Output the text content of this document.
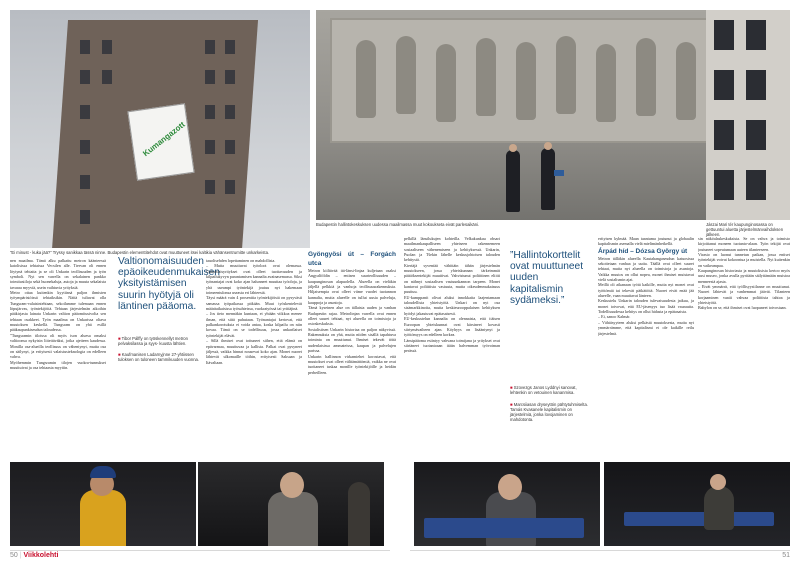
Kumangazott
”Ei minust - kuka jää?” Tryssy sanikkaa tässä ninne. Budapestin elementtitehdot ovat muuttuneet itsei kaltikia vähänsentrumitte unkarkeista.
nen maailma. Tämä alku palkattu metron käänteessä katolisissa tehtaissa Vecstlen alle. Tiervan oli ennen löytynä tehtaita ja se oli Unkarin teollisuuden ja työn symboli. Nyt sen varrella on sekalainen pankko toimitustiloja sekä huonekaluja, autoja ja muuta sekalaista tavaraa myyviä, usein vaihtuvia yrityksiä.
Metro ottaa kuitenkin kyytiinsä paljon ihmisten työympäristöissä tehtaiksikin. Näitä tuliavat olla Tungsram-valaisintehtaan, sekoilamme tulemaan ennen löpujärvas, työntekijöitä. Tehtaan järjestelmän aikoihin pääkirjasta lainata Unkarin valtion pääomitusivolta sen tehtaan osakkeet. Työn maailma on Unkarissa oltava muutoksen keskellä. Tungsram on yhä esillä pääkaupunkiseudun taloudessa.
”Tungsramin tiloissa oli myös ison aluesa omaksi valtioonsa nykyisin liitettäväksi, jotka ajetteen kaudessa. Monilla osa-alueilla teollisuus on vähentynyt, mutta osa on säilynyt, ja erityisesti valaistusteknologia on edelleen vahva.
Myöhemmin Tungsramin tilojen vuokra-tunnukset muuttuivat ja osa tehtaasta myytiin.
Valtionomaisuuden epäoikeudenmukaisen yksityistämisen suurin hyötyjä oli läntinen pääoma.
■ Tibor Pálffy on työskennellyt metron pelvaksilassa ja syys- kuusta lähtien.
■ Kaufmanisen Ladarnyjnne 27-yhtiissen tuloksen on tuloneen tammikuuden vuonna.
tauolisehden lopettaminen on mahdollista.
– Mutta muuttuvat työoloot ovat olemassa. Unkarilaisyritykset ovat olleet tuottavuuden ja kilpailukyvyn parantamisen kannalta avainasemassa. Siksi työnantajat ovat koko ajan halunneet muuttaa työoloja, ja yhä useampi työntekijä joutuu nyt hakemaan toimeentulonsa useasta eri lähteestä.
Täysi määrä vain 4 prosenttia työntekijöistä on pysyvästi samassa työpaikassa pitkään. Muut työskentelevät määräaikaisissa työsuhteissa, vuokratyössä tai yrittäjinä.
– Jos tieto mennäkin kuntaan, ei yhtään viikkoa menee ilman, että siitä puhutaan. Työnantajat kertovat, että palkankorotuksia ei voida antaa, koska kilpailu on niin kovaa. Tämä on se todellisuus, jossa unkarilaiset työntekijät elävät.
– Sillä ihmiset ovat tottuneet siihen, että elämä on epävarmaa, muuttuvaa ja kallista. Palkat ovat pysyneet jäljessä, vaikka hinnat nousevat koko ajan. Monet nuoret lähtevät ulkomaille töihin, erityisesti Saksaan ja Itävaltaan.
Gyöngyösi út – Forgách utca
Metron kiiltävää itä-länsi-linjaa kuljetaan osaksi Angyalföldin – entisen suurteollisuuden – kaupunginosan alapuolella. Alueella on vieläkin jäljellä pelkkiä ja vanhoja teollisuusrakennuksia. Hiljaisempia ovat olleet viime vuodet tuotannon kannalta, mutta alueelle on tullut uusia palveluja, kauppoja ja asuntoja.
Tämä kyseinen alue on tällaista uuden ja vanhan Budapestin rajaa. Metrolinjan varrella ovat ennen olleet suuret tehtaat, nyt alueella on toimistoja ja ostoskeskuksia.
Sosialistisen Unkarin historiaa on paljon näkyvissä. Rakennuksia on yhä, mutta niiden sisällä tapahtuva toiminta on muuttunut. Ihmiset tekevät töitä uudenlaisissa ammateissa, kaupan ja palvelujen parissa.
Unkarin hallinnon virkamiehet korostavat, että muutokset ovat olleet välttämättömiä, vaikka ne ovat tuottaneet tuskaa monille työntekijöille ja heidän perheilleen.
50 | Viikkolehti
Budapestin hallintokeskuksen uudessa maailmassa muut kokoukseta eivät parlesaikäni.	Jászai Mari tér kaupunginosassa on gettuuntui aluetta järjestelmänvaihdoksen jälkeen.
pelkillä länsilukujen kohteilla. Velkakunkau obsari maailmankaupalliseen yhteiseen rakennemeen sosiaaliseen vähenemiseen ja kehityksessä. Unkarin, Puolan ja Tšekin lähelle keskusjohtoisen talouden kehitystä.
Kiertäjä syventää vähittäin tähän järjestelmän muutokseen, jossa yhteiskunnan tärkeimmät päätöksentekijät muuttivat. Vahvistunut poliittinen eliitti on nähnyt sosiaalisen vastuunkannon tarpeen. Monet kantavat poliittista vastuuta, mutta oikeudenmukaisuus puuttuu.
EU-kumppanit olivat aluksi innokkaita laajentamaan taloudellista yhteistyötä. Unkari on nyt osa sisämarkkinoita, mutta keskieurooppalaisen kehityksen hyödyt jakautuvat epätasaisesti.
EU-keskustelun kannalta on olennaista, että itäisen Euroopan yhteiskunnat ovat kärsineet kovasti siirtymävaiheen ajan. Köyhyys on lisääntynyt ja työttömyys on edelleen korkea.
Länsipääoma esiintyy vahvana toimijana ja yritykset ovat siirtäneet tuotantoaan itään halvemman työvoiman perässä.
”Hallintokorttelit ovat muuttuneet uuden kapitalismin sydämeksi.”
■ Szovezgs Janos Lyddnyi sanovat, lehtenkin on vetouinen kananmisa.
■ Marcsiiasan dryseytöin pähtytuhmiselta. Tamás Kvasanele kapitalismin on järjestelmiä, jonka lovojaminen on mahdotonta.
erityisen kylmää. Maan taantuma joutunut ja globaalin kapitalismin asemalla vielä mielimänhetkellä.
Árpád híd – Dózsa György út
Metron tälläkin alueella Kautahangaseudun katuosissa sekoitetaan vanhaa ja uutta. Täällä ovat olleet suuret tehtaat, mutta nyt alueella on toimistoja ja asuntoja. Vaikka muutos on ollut nopea, monet ihmiset muistavat vielä sosialismin ajat.
Meillä oli aikanaan työtä kaikille, mutta nyt monet ovat työttömiä tai tekevät pätkätöitä. Nuoret eivät enää jää alueelle, vaan muuttavat länteen.
Keskustelu Unkarin talouden tulevaisuudesta jatkuu, ja monet toivovat, että EU-jäsenyys tuo lisää vaurautta. Todellisuudessa kehitys on ollut hidasta ja epätasaista.
– Ei, sanoo Kalmár.
– Vähäisyyteen aluksi pelkästä muutoksesta, mutta nyt ymmärrämme, että kapitalismi ei ole kaikille reilu järjestelmä.
sin näköalaskeskuksista. Se on vahva ja toimisto kirjoittanut moneen tuotanto-alaan. Työn tekijät ovat joutuneet sopeutumaan uuteen tilanteeseen.
Virasto on luonut tunnetun paikan, jossa entiset työntekijät voivat kokoontua ja muistella. Nyt kuitenkin on vaikeampaa.
Kaupunginosan historiasta ja muutoksista kertoo myös uusi museo, jonka avulla pyritään säilyttämään muistoa menneestä ajasta.
– Eivät ymmärrä, että työllisyystilanne on muuttunut. Nuoret lähtevät ja vanhemmat jäävät. Tilanteen korjaaminen vaatii vahvaa poliittista tahtoa ja yhteistyötä.
Babylon on se, että ihmiset ovat luopuneet toivostaan.
51
